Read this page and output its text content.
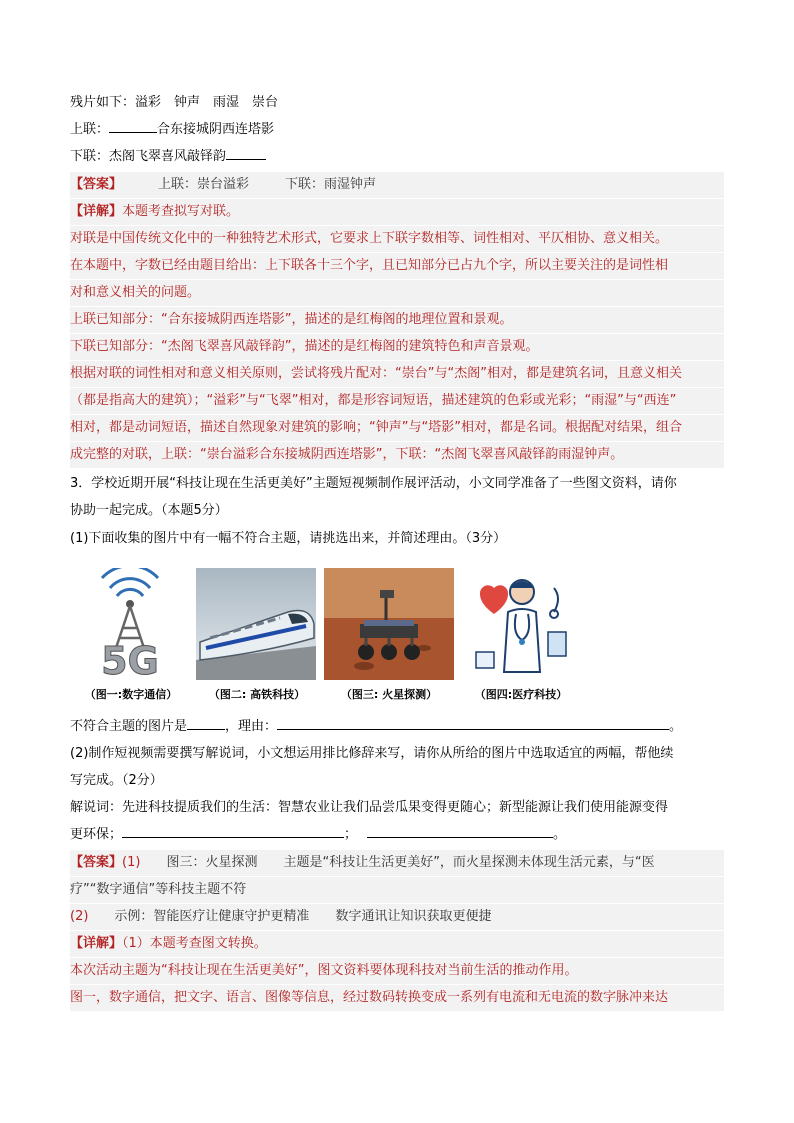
残片如下：溢彩　钟声　雨湿　崇台
上联：	合东接城阴西连塔影
下联：杰阁飞翠喜风敲铎韵
【答案】	上联：崇台溢彩	下联：雨湿钟声
【详解】本题考查拟写对联。
对联是中国传统文化中的一种独特艺术形式，它要求上下联字数相等、词性相对、平仄相协、意义相关。
在本题中，字数已经由题目给出：上下联各十三个字，且已知部分已占九个字，所以主要关注的是词性相
对和意义相关的问题。
上联已知部分：“合东接城阴西连塔影”，描述的是红梅阁的地理位置和景观。
下联已知部分：“杰阁飞翠喜风敲铎韵”，描述的是红梅阁的建筑特色和声音景观。
根据对联的词性相对和意义相关原则，尝试将残片配对：“崇台”与“杰阁”相对，都是建筑名词，且意义相关
（都是指高大的建筑）；“溢彩”与“飞翠”相对，都是形容词短语，描述建筑的色彩或光彩；“雨湿”与“西连”
相对，都是动词短语，描述自然现象对建筑的影响；“钟声”与“塔影”相对，都是名词。根据配对结果，组合
成完整的对联，上联：“崇台溢彩合东接城阴西连塔影”，下联：“杰阁飞翠喜风敲铎韵雨湿钟声。
3．学校近期开展“科技让现在生活更美好”主题短视频制作展评活动，小文同学准备了一些图文资料，请你
协助一起完成。（本题5分）
(1)下面收集的图片中有一幅不符合主题，请挑选出来，并简述理由。（3分）
5G
（图一:数字通信）	（图二: 高铁科技）	（图三: 火星探测）	（图四:医疗科技）
不符合主题的图片是	，理由：	。
(2)制作短视频需要撰写解说词，小文想运用排比修辞来写，请你从所给的图片中选取适宜的两幅，帮他续
写完成。（2分）
解说词：先进科技提质我们的生活：智慧农业让我们品尝瓜果变得更随心；新型能源让我们使用能源变得
更环保；	；	。
【答案】(1) 图三：火星探测 主题是“科技让生活更美好”，而火星探测未体现生活元素，与“医
疗”“数字通信”等科技主题不符
(2) 示例：智能医疗让健康守护更精准 数字通讯让知识获取更便捷
【详解】（1）本题考查图文转换。
本次活动主题为“科技让现在生活更美好”，图文资料要体现科技对当前生活的推动作用。
图一，数字通信，把文字、语言、图像等信息，经过数码转换变成一系列有电流和无电流的数字脉冲来达
